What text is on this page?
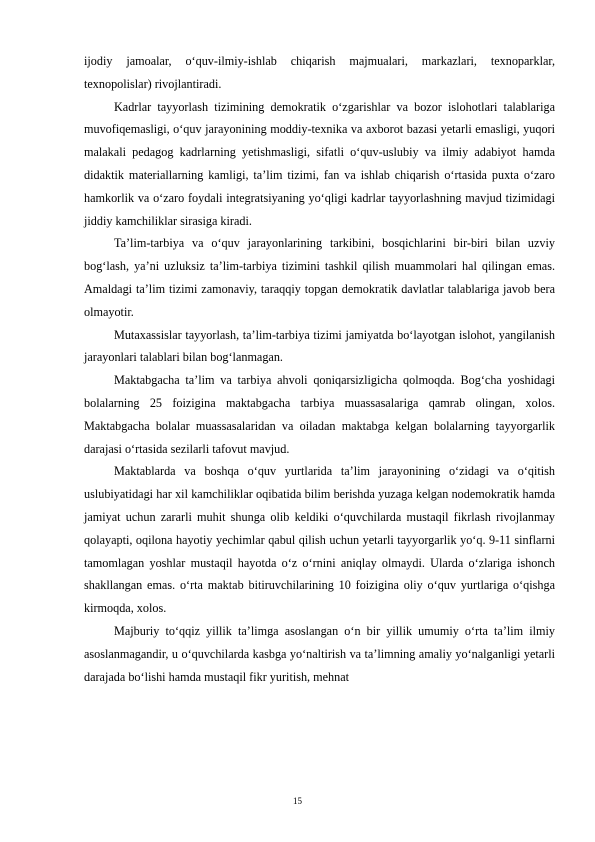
ijodiy jamoalar, o‘quv-ilmiy-ishlab chiqarish majmualari, markazlari, texnoparklar, texnopolislar) rivojlantiradi.

Kadrlar tayyorlash tizimining demokratik o‘zgarishlar va bozor islohotlari talablariga muvofiqemasligi, o‘quv jarayonining moddiy-texnika va axborot bazasi yetarli emasligi, yuqori malakali pedagog kadrlarning yetishmasligi, sifatli o‘quv-uslubiy va ilmiy adabiyot hamda didaktik materiallarning kamligi, ta’lim tizimi, fan va ishlab chiqarish o‘rtasida puxta o‘zaro hamkorlik va o‘zaro foydali integratsiyaning yo‘qligi kadrlar tayyorlashning mavjud tizimidagi jiddiy kamchiliklar sirasiga kiradi.

Ta’lim-tarbiya va o‘quv jarayonlarining tarkibini, bosqichlarini bir-biri bilan uzviy bog‘lash, ya’ni uzluksiz ta’lim-tarbiya tizimini tashkil qilish muammolari hal qilingan emas. Amaldagi ta’lim tizimi zamonaviy, taraqqiy topgan demokratik davlatlar talablariga javob bera olmayotir.

Mutaxassislar tayyorlash, ta’lim-tarbiya tizimi jamiyatda bo‘layotgan islohot, yangilanish jarayonlari talablari bilan bog‘lanmagan.

Maktabgacha ta’lim va tarbiya ahvoli qoniqarsizligicha qolmoqda. Bog‘cha yoshidagi bolalarning 25 foizigina maktabgacha tarbiya muassasalariga qamrab olingan, xolos. Maktabgacha bolalar muassasalaridan va oiladan maktabga kelgan bolalarning tayyorgarlik darajasi o‘rtasida sezilarli tafovut mavjud.

Maktablarda va boshqa o‘quv yurtlarida ta’lim jarayonining o‘zidagi va o‘qitish uslubiyatidagi har xil kamchiliklar oqibatida bilim berishda yuzaga kelgan nodemokratik hamda jamiyat uchun zararli muhit shunga olib keldiki o‘quvchilarda mustaqil fikrlash rivojlanmay qolayapti, oqilona hayotiy yechimlar qabul qilish uchun yetarli tayyorgarlik yo‘q. 9-11 sinflarni tamomlagan yoshlar mustaqil hayotda o‘z o‘rnini aniqlay olmaydi. Ularda o‘zlariga ishonch shakllangan emas. o‘rta maktab bitiruvchilarining 10 foizigina oliy o‘quv yurtlariga o‘qishga kirmoqda, xolos.

Majburiy to‘qqiz yillik ta’limga asoslangan o‘n bir yillik umumiy o‘rta ta’lim ilmiy asoslanmagandir, u o‘quvchilarda kasbga yo‘naltirish va ta’limning amaliy yo‘nalganligi yetarli darajada bo‘lishi hamda mustaqil fikr yuritish, mehnat

15
